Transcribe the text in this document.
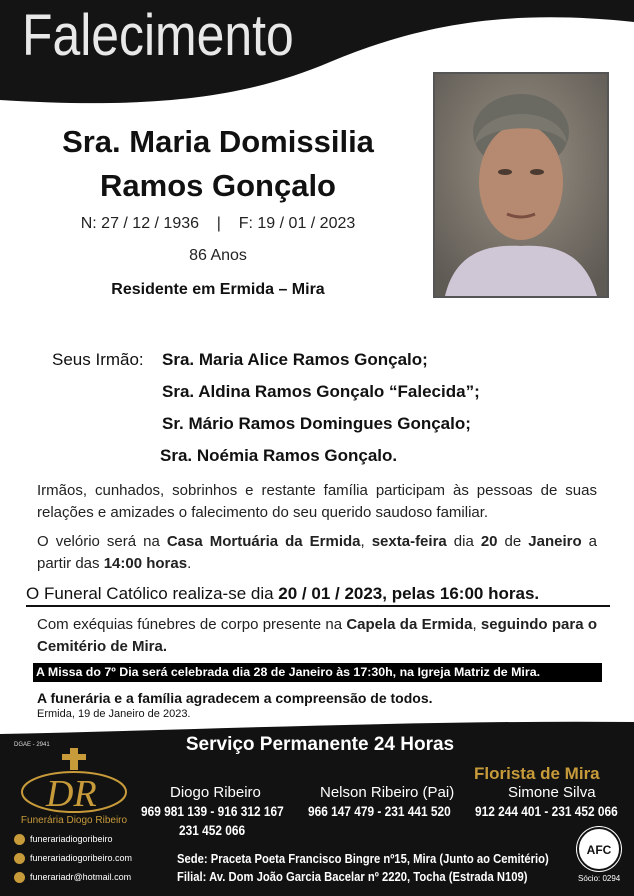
Falecimento
Sra. Maria Domissilia
Ramos Gonçalo
N: 27 / 12 / 1936    |    F: 19 / 01 / 2023
86 Anos
Residente em Ermida – Mira
Seus Irmão: Sra. Maria Alice Ramos Gonçalo;
Sra. Aldina Ramos Gonçalo “Falecida”;
Sr. Mário Ramos Domingues Gonçalo;
Sra. Noémia Ramos Gonçalo.
Irmãos, cunhados, sobrinhos e restante família participam às pessoas de suas relações e amizades o falecimento do seu querido saudoso familiar.
O velório será na Casa Mortuária da Ermida, sexta-feira dia 20 de Janeiro a partir das 14:00 horas.
O Funeral Católico realiza-se dia 20 / 01 / 2023, pelas 16:00 horas.
Com exéquias fúnebres de corpo presente na Capela da Ermida, seguindo para o Cemitério de Mira.
A Missa do 7º Dia será celebrada dia 28 de Janeiro às 17:30h, na Igreja Matriz de Mira.
A funerária e a família agradecem a compreensão de todos.
Ermida, 19 de Janeiro de 2023.
DGAE - 2941	Serviço Permanente 24 Horas
DR
Funerária Diogo Ribeiro
Florista de Mira
Diogo Ribeiro
969 981 139 - 916 312 167
231 452 066
Nelson Ribeiro (Pai)
966 147 479 - 231 441 520
Simone Silva
912 244 401 - 231 452 066
funerariadiogoribeiro
funerariadiogoribeiro.com
funerariadr@hotmail.com
Sede: Praceta Poeta Francisco Bingre nº15, Mira (Junto ao Cemitério)
Filial: Av. Dom João Garcia Bacelar nº 2220, Tocha (Estrada N109)
AFC
Sócio: 0294
